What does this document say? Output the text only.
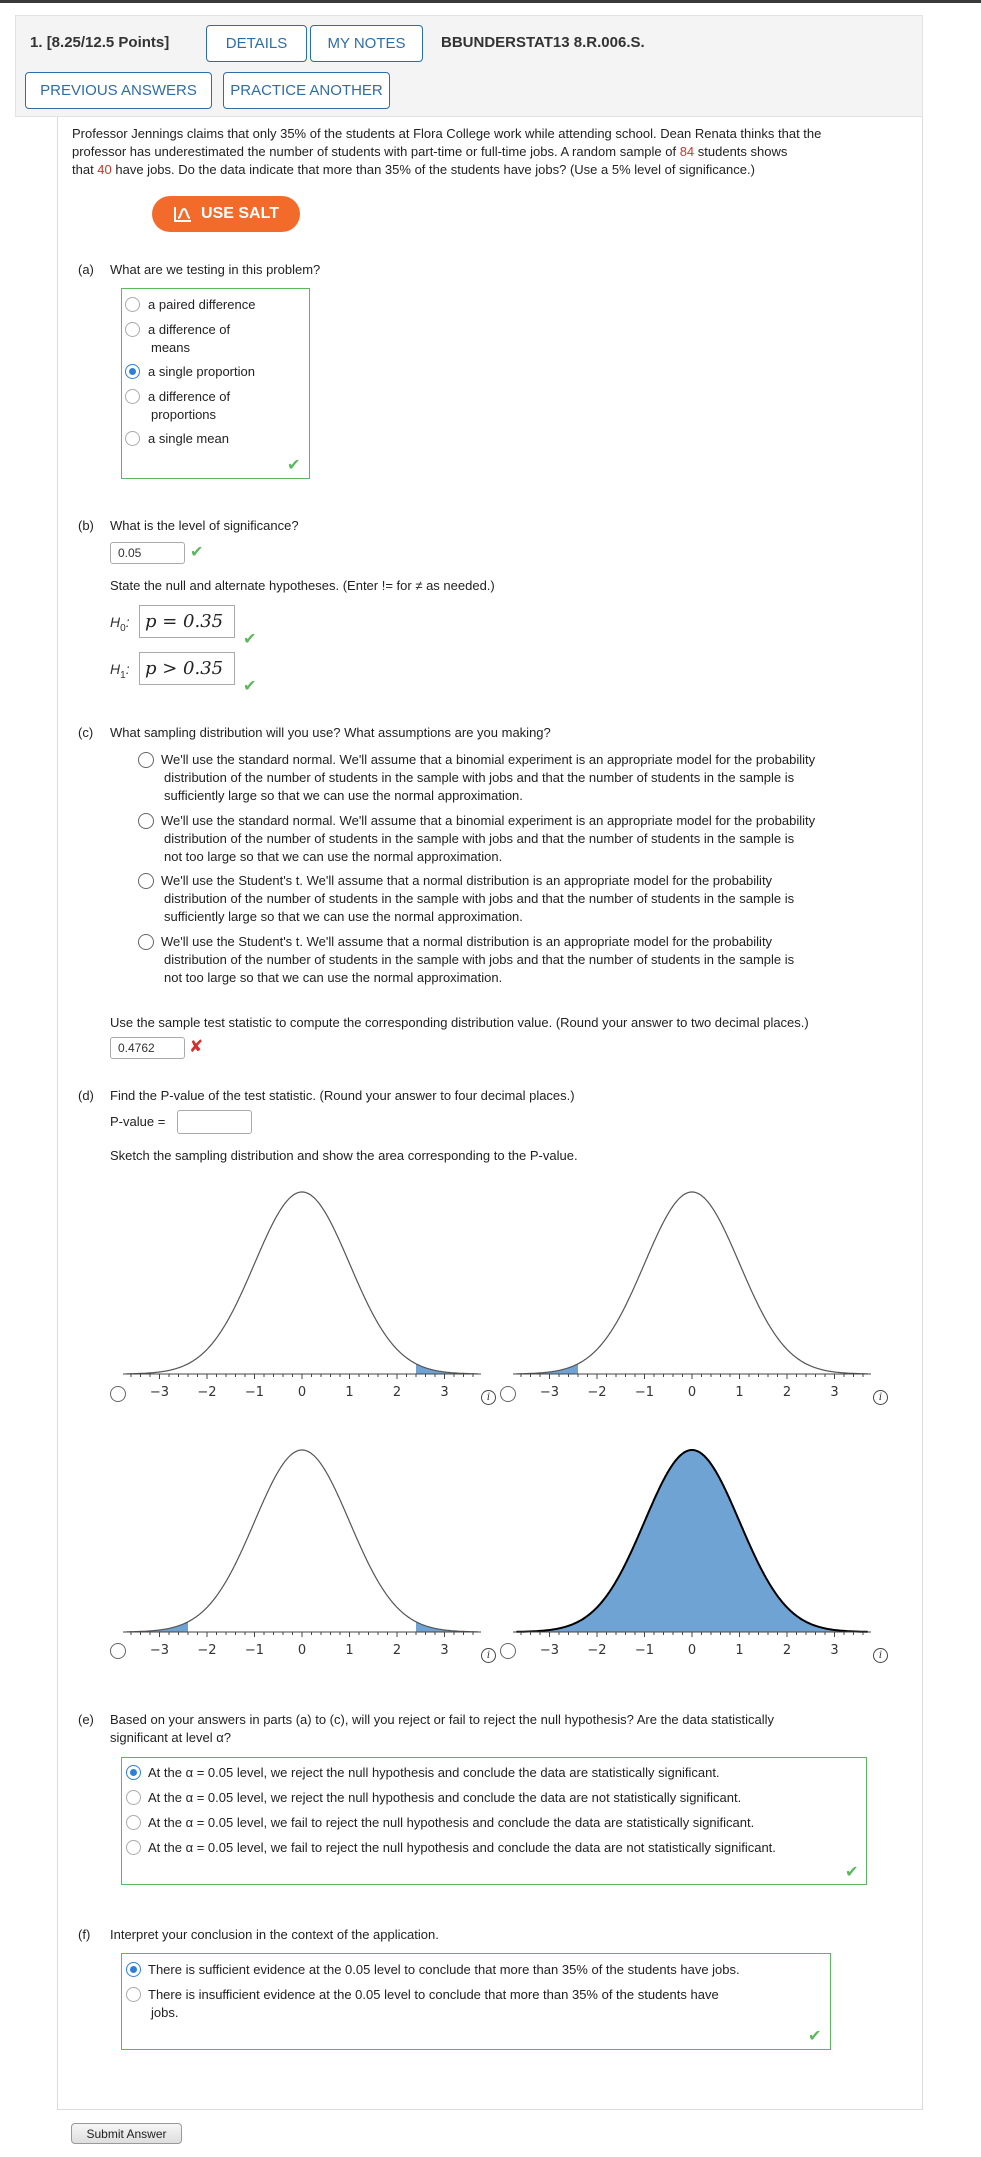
1. [8.25/12.5 Points]	DETAILS	MY NOTES	BBUNDERSTAT13 8.R.006.S.
PREVIOUS ANSWERS	PRACTICE ANOTHER
Professor Jennings claims that only 35% of the students at Flora College work while attending school. Dean Renata thinks that the
professor has underestimated the number of students with part-time or full-time jobs. A random sample of 84 students shows
that 40 have jobs. Do the data indicate that more than 35% of the students have jobs? (Use a 5% level of significance.)
USE SALT
(a) What are we testing in this problem?
a paired difference
a difference of
means
a single proportion
a difference of
proportions
a single mean
✔
(b) What is the level of significance?
0.05	✔
State the null and alternate hypotheses. (Enter != for ≠ as needed.)
$H_0$: p = 0.35
✔
$H_1$: p > 0.35
✔
(c) What sampling distribution will you use? What assumptions are you making?
We'll use the standard normal. We'll assume that a binomial experiment is an appropriate model for the probability
distribution of the number of students in the sample with jobs and that the number of students in the sample is
sufficiently large so that we can use the normal approximation.
We'll use the standard normal. We'll assume that a binomial experiment is an appropriate model for the probability
distribution of the number of students in the sample with jobs and that the number of students in the sample is
not too large so that we can use the normal approximation.
We'll use the Student's t. We'll assume that a normal distribution is an appropriate model for the probability
distribution of the number of students in the sample with jobs and that the number of students in the sample is
sufficiently large so that we can use the normal approximation.
We'll use the Student's t. We'll assume that a normal distribution is an appropriate model for the probability
distribution of the number of students in the sample with jobs and that the number of students in the sample is
not too large so that we can use the normal approximation.
Use the sample test statistic to compute the corresponding distribution value. (Round your answer to two decimal places.)
0.4762	✘
(d) Find the P-value of the test statistic. (Round your answer to four decimal places.)
P-value =
Sketch the sampling distribution and show the area corresponding to the P-value.
−3 −2 −1	0	1	2	3	i	−3 −2 −1	0	1	2	3	i
−3 −2 −1	0	1	2	3	i	−3 −2 −1	0	1	2	3	i
(e) Based on your answers in parts (a) to (c), will you reject or fail to reject the null hypothesis? Are the data statistically
significant at level α?
At the α = 0.05 level, we reject the null hypothesis and conclude the data are statistically significant.
At the α = 0.05 level, we reject the null hypothesis and conclude the data are not statistically significant.
At the α = 0.05 level, we fail to reject the null hypothesis and conclude the data are statistically significant.
At the α = 0.05 level, we fail to reject the null hypothesis and conclude the data are not statistically significant.
✔
(f) Interpret your conclusion in the context of the application.
There is sufficient evidence at the 0.05 level to conclude that more than 35% of the students have jobs.
There is insufficient evidence at the 0.05 level to conclude that more than 35% of the students have
jobs.
✔
Submit Answer
